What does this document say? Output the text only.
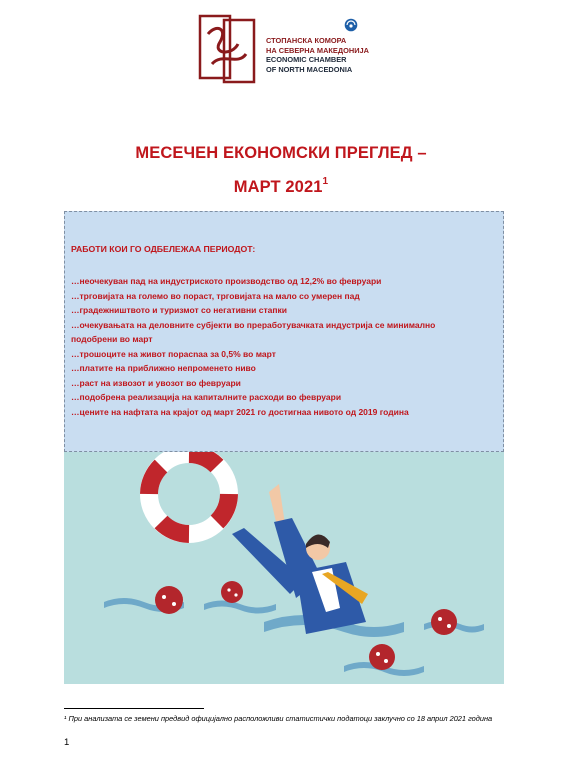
СТОПАНСКА КОМОРА
НА СЕВЕРНА МАКЕДОНИЈА
ECONOMIC CHAMBER
OF NORTH MACEDONIA
МЕСЕЧЕН ЕКОНОМСКИ ПРЕГЛЕД –
МАРТ 2021$^1$
РАБОТИ КОИ ГО ОДБЕЛЕЖАА ПЕРИОДОТ:
…неочекуван пад на индустриското производство од 12,2% во февруари
…трговијата на големо во пораст, трговијата на мало со умерен пад
…градежништвото и туризмот со негативни стапки
…очекувањата на деловните субјекти во преработувачката индустрија се минимално
подобрени во март
…трошоците на живот порасnaa за 0,5% во март
…платите на приближно непроменето ниво
…раст на извозот и увозот во февруари
…подобрена реализација на капиталните расходи во февруари
…цените на нафтата на крајот од март 2021 го достигнаа нивото од 2019 година
¹ При анализата се земени предвид официјално расположливи статистички податоци заклучно со 18 април 2021 година
1
